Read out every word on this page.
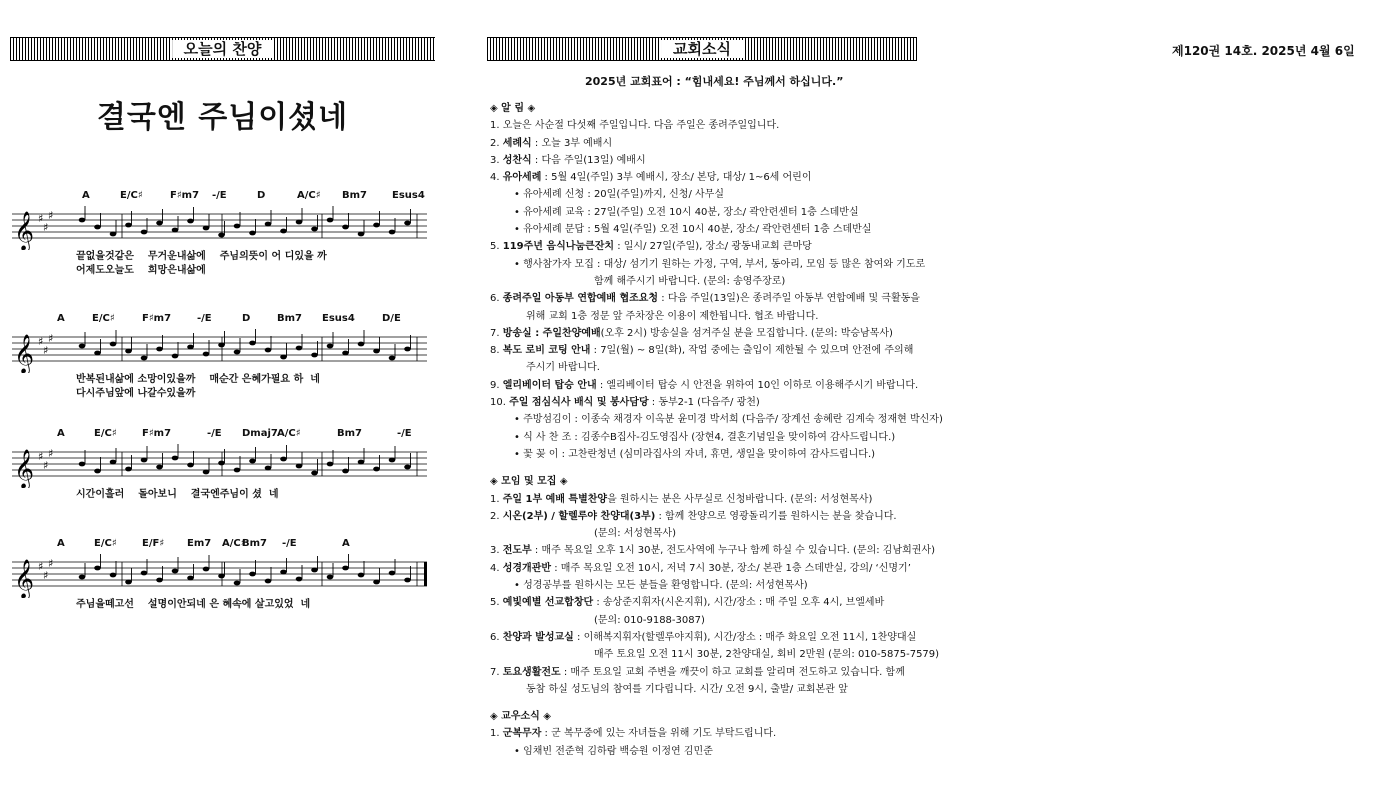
오늘의 찬양	교회소식	제120권 14호. 2025년 4월 6일
결국엔 주님이셨네
A	E/C♯	F♯m7 -/E	D	A/C♯ Bm7	Esus4
𝄞 ♯
♯
♯
끝없을것같은    무거운내삶에    주님의뜻이 어 디있을 까
어제도오늘도    희망은내삶에
A	E/C♯	F♯m7	-/E	D	Bm7 Esus4	D/E
𝄞 ♯
♯
♯
반복된내삶에 소망이있을까    매순간 은혜가필요 하  네
다시주님앞에 나갈수있을까
A	E/C♯	F♯m7	-/E Dmaj7 A/C♯	Bm7	-/E
𝄞 ♯
♯
♯
시간이흘러    돌아보니    결국엔주님이 셨  네
A	E/C♯	E/F♯ Em7 A/C♯
Bm7 -/E	A
𝄞 ♯
♯
♯
주님을떼고선    설명이안되네 은 혜속에 살고있었  네
2025년 교회표어 : “힘내세요! 주님께서 하십니다.”
◈ 알 림 ◈
1. 오늘은 사순절 다섯째 주일입니다. 다음 주일은 종려주일입니다.
2. 세례식 : 오늘 3부 예배시
3. 성찬식 : 다음 주일(13일) 예배시
4. 유아세례 : 5월 4일(주일) 3부 예배시, 장소/ 본당, 대상/ 1~6세 어린이
• 유아세례 신청 : 20일(주일)까지, 신청/ 사무실
• 유아세례 교육 : 27일(주일) 오전 10시 40분, 장소/ 곽안련센터 1층 스데반실
• 유아세례 문답 : 5월 4일(주일) 오전 10시 40분, 장소/ 곽안련센터 1층 스데반실
5. 119주년 음식나눔큰잔치 : 일시/ 27일(주일), 장소/ 광동내교회 큰마당
• 행사참가자 모집 : 대상/ 섬기기 원하는 가정, 구역, 부서, 동아리, 모임 등 많은 참여와 기도로
함께 해주시기 바랍니다. (문의: 송영주장로)
6. 종려주일 아동부 연합예배 협조요청 : 다음 주일(13일)은 종려주일 아동부 연합예배 및 극활동을
위해 교회 1층 정문 앞 주차장은 이용이 제한됩니다. 협조 바랍니다.
7. 방송실 : 주일찬양예배(오후 2시) 방송실을 섬겨주실 분을 모집합니다. (문의: 박승남목사)
8. 복도 로비 코팅 안내 : 7일(월) ~ 8일(화), 작업 중에는 출입이 제한될 수 있으며 안전에 주의해
주시기 바랍니다.
9. 엘리베이터 탑승 안내 : 엘리베이터 탑승 시 안전을 위하여 10인 이하로 이용해주시기 바랍니다.
10. 주일 점심식사 배식 및 봉사담당 : 동부2-1 (다음주/ 광천)
• 주방섬김이 : 이종숙 채경자 이옥분 윤미경 박서희 (다음주/ 장계선 송혜란 김계숙 정재현 박신자)
• 식 사 찬 조 : 김종수B집사-김도영집사 (장현4, 결혼기념일을 맞이하여 감사드립니다.)
• 꽃 꽂 이 : 고찬란청년 (심미라집사의 자녀, 휴면, 생일을 맞이하여 감사드립니다.)
◈ 모임 및 모집 ◈
1. 주일 1부 예배 특별찬양을 원하시는 분은 사무실로 신청바랍니다. (문의: 서성현목사)
2. 시온(2부) / 할렐루야 찬양대(3부) : 함께 찬양으로 영광돌리기를 원하시는 분을 찾습니다.
(문의: 서성현목사)
3. 전도부 : 매주 목요일 오후 1시 30분, 전도사역에 누구나 함께 하실 수 있습니다. (문의: 김남희권사)
4. 성경개관반 : 매주 목요일 오전 10시, 저녁 7시 30분, 장소/ 본관 1층 스데반실, 강의/ ‘신명기’
• 성경공부를 원하시는 모든 분들을 환영합니다. (문의: 서성현목사)
5. 예빛예별 선교합창단 : 송상준지휘자(시온지휘), 시간/장소 : 매 주일 오후 4시, 브엘세바
(문의: 010-9188-3087)
6. 찬양과 발성교실 : 이해복지휘자(할렐루야지휘), 시간/장소 : 매주 화요일 오전 11시, 1찬양대실
매주 토요일 오전 11시 30분, 2찬양대실, 회비 2만원 (문의: 010-5875-7579)
7. 토요생활전도 : 매주 토요일 교회 주변을 깨끗이 하고 교회를 알리며 전도하고 있습니다. 함께
동참 하실 성도님의 참여를 기다립니다. 시간/ 오전 9시, 출발/ 교회본관 앞
◈ 교우소식 ◈
1. 군복무자 : 군 복무중에 있는 자녀들을 위해 기도 부탁드립니다.
• 임채빈 전준혁 김하람 백승원 이정연 김민준
